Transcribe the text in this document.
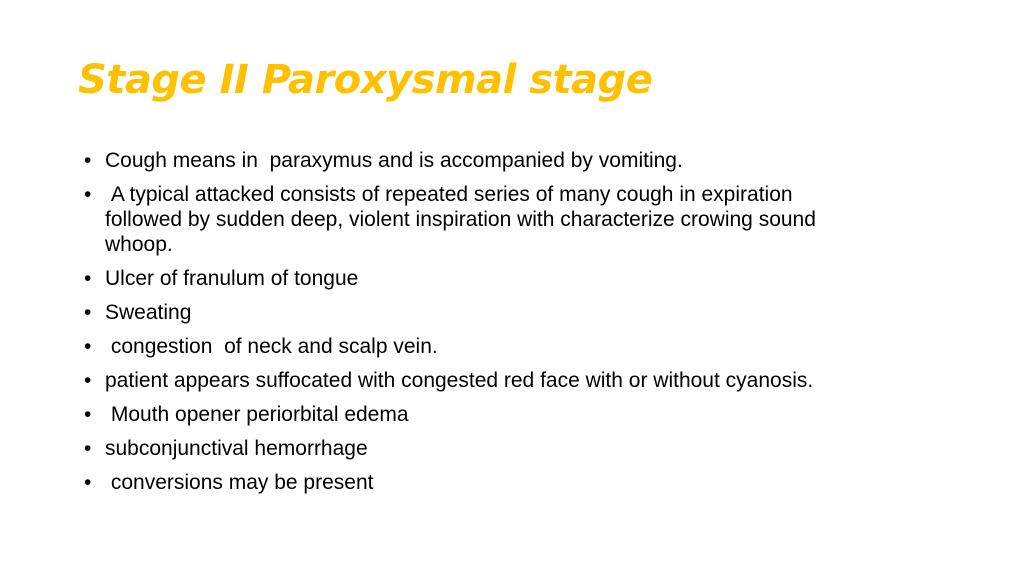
Stage II Paroxysmal stage
• Cough means in  paraxymus and is accompanied by vomiting.
•  A typical attacked consists of repeated series of many cough in expiration followed by sudden deep, violent inspiration with characterize crowing sound whoop.
• Ulcer of franulum of tongue
• Sweating
•  congestion  of neck and scalp vein.
• patient appears suffocated with congested red face with or without cyanosis.
•  Mouth opener periorbital edema
• subconjunctival hemorrhage
•  conversions may be present
